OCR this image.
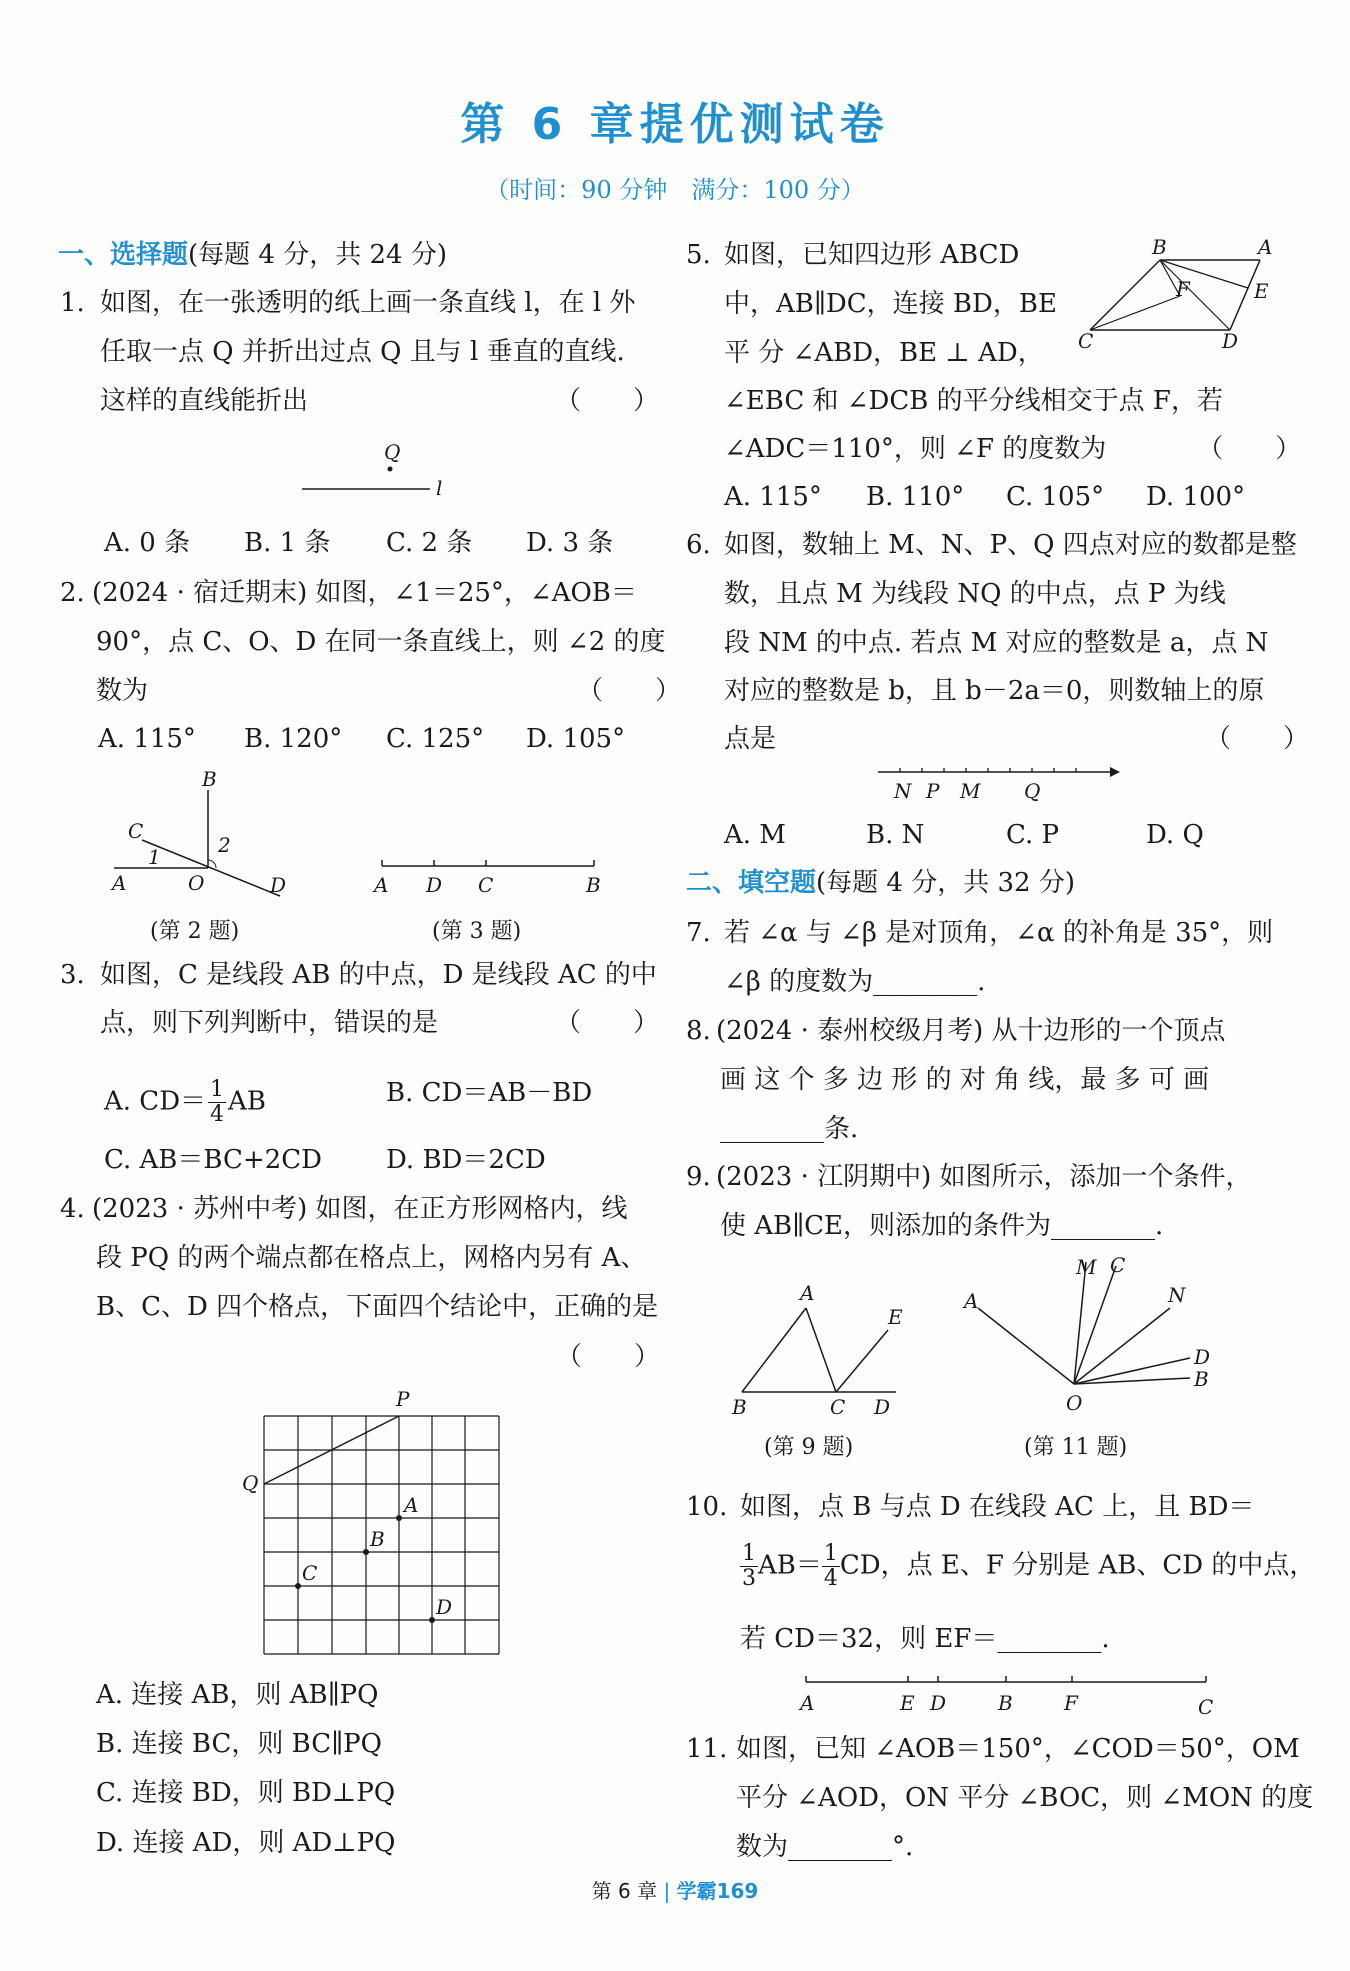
第 6 章提优测试卷
（时间：90 分钟　满分：100 分）
一、选择题(每题 4 分，共 24 分)
1. 如图，在一张透明的纸上画一条直线 l，在 l 外
任取一点 Q 并折出过点 Q 且与 l 垂直的直线.
这样的直线能折出　　　　　　　　　　（　　）
Q
l
A. 0 条 B. 1 条 C. 2 条 D. 3 条
2. (2024 · 宿迁期末) 如图，∠1＝25°，∠AOB＝
90°，点 C、O、D 在同一条直线上，则 ∠2 的度
数为　　　　　　　　　　　　　　　　　（　　）
A. 115° B. 120° C. 125° D. 105°
B
C
A	O	D
1	2
(第 2 题)
A D C	B
(第 3 题)
3. 如图，C 是线段 AB 的中点，D 是线段 AC 的中
点，则下列判断中，错误的是　　　　　（　　）
A. $CD= \frac{1}{4}$ AB	B. CD＝AB－BD
C. AB＝BC+2CD D. BD＝2CD
4. (2023 · 苏州中考) 如图，在正方形网格内，线
段 PQ 的两个端点都在格点上，网格内另有 A、
B、C、D 四个格点，下面四个结论中，正确的是
（　　）
P
Q
A
B
C
D
A. 连接 AB，则 AB∥PQ
B. 连接 BC，则 BC∥PQ
C. 连接 BD，则 BD⊥PQ
D. 连接 AD，则 AD⊥PQ
5. 如图，已知四边形 ABCD
中，AB∥DC，连接 BD，BE
平 分 ∠ABD，BE ⊥ AD，
∠EBC 和 ∠DCB 的平分线相交于点 F，若
∠ADC＝110°，则 ∠F 的度数为　　　　（　　）
B	A
E
F
C	D
A. 115° B. 110° C. 105° D. 100°
6. 如图，数轴上 M、N、P、Q 四点对应的数都是整
数，且点 M 为线段 NQ 的中点，点 P 为线
段 NM 的中点. 若点 M 对应的整数是 a，点 N
对应的整数是 b，且 b－2a＝0，则数轴上的原
点是　　　　　　　　　　　　　　　　　（　　）
N P M Q
A. M	B. N	C. P	D. Q
二、填空题(每题 4 分，共 32 分)
7. 若 ∠α 与 ∠β 是对顶角，∠α 的补角是 35°，则
∠β 的度数为________.
8. (2024 · 泰州校级月考) 从十边形的一个顶点
画 这 个 多 边 形 的 对 角 线，最 多 可 画
________条.
9. (2023 · 江阴期中) 如图所示，添加一个条件，
使 AB∥CE，则添加的条件为________.
A
E
B	C D
(第 9 题)
M C
A	N
D
B
O
(第 11 题)
10. 如图，点 B 与点 D 在线段 AC 上，且 BD＝
$\frac{1}{3} AB= \frac{1}{4}$ CD，点 E、F 分别是 AB、CD 的中点，
若 CD＝32，则 EF＝________.
A	E D	B	F	C
11. 如图，已知 ∠AOB＝150°，∠COD＝50°，OM
平分 ∠AOD，ON 平分 ∠BOC，则 ∠MON 的度
数为________°.
第 6 章 | 学霸169
